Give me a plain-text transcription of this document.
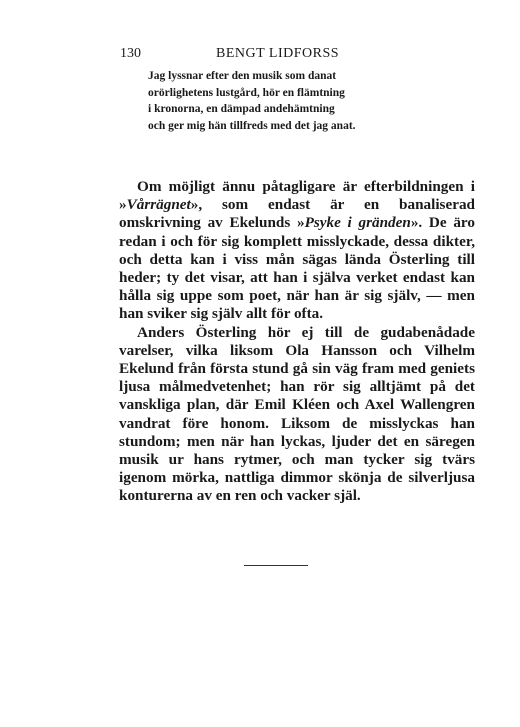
130	BENGT LIDFORSS
Jag lyssnar efter den musik som danat
orörlighetens lustgård, hör en flämtning
i kronorna, en dämpad andehämtning
och ger mig hän tillfreds med det jag anat.

Om möjligt ännu påtagligare är efterbildningen i »Vårrägnet», som endast är en banaliserad omskrivning av Ekelunds »Psyke i gränden». De äro redan i och för sig komplett misslyckade, dessa dikter, och detta kan i viss mån sägas lända Österling till heder; ty det visar, att han i själva verket endast kan hålla sig uppe som poet, när han är sig själv, — men han sviker sig själv allt för ofta.

Anders Österling hör ej till de gudabenådade varelser, vilka liksom Ola Hansson och Vilhelm Ekelund från första stund gå sin väg fram med geniets ljusa målmedvetenhet; han rör sig alltjämt på det vanskliga plan, där Emil Kléen och Axel Wallengren vandrat före honom. Liksom de misslyckas han stundom; men när han lyckas, ljuder det en säregen musik ur hans rytmer, och man tycker sig tvärs igenom mörka, nattliga dimmor skönja de silverljusa konturerna av en ren och vacker själ.
